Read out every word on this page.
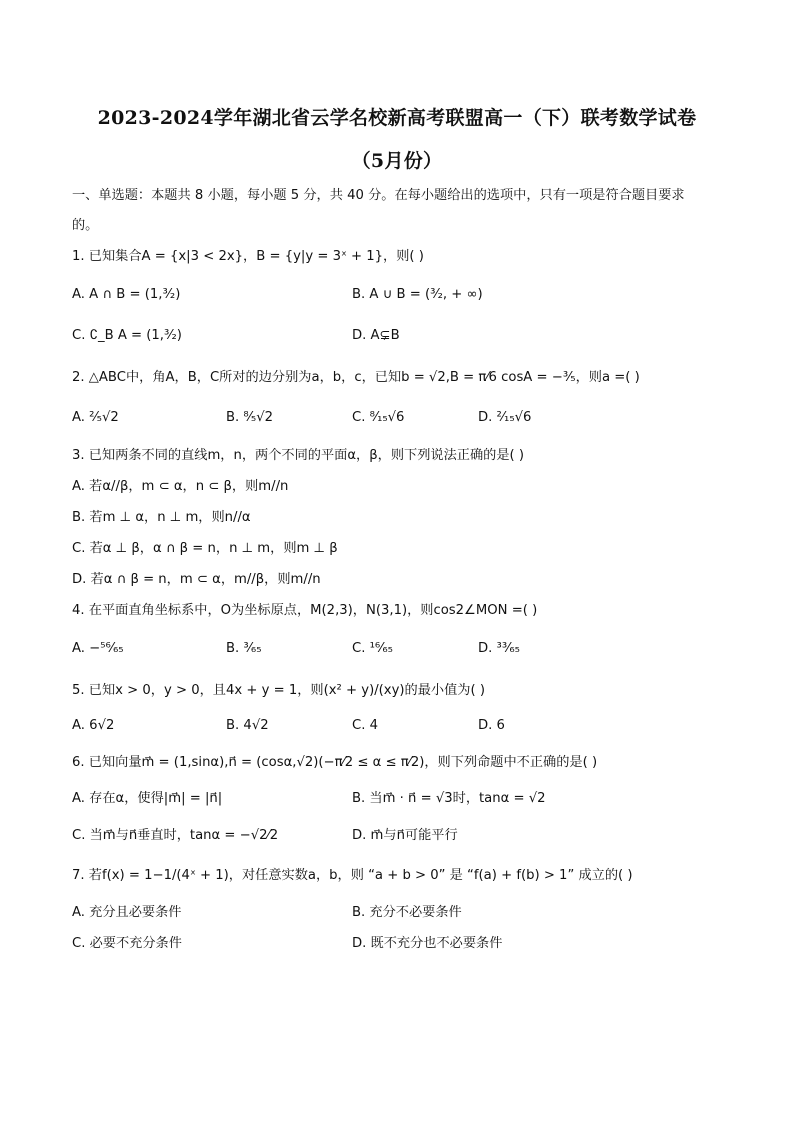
2023-2024学年湖北省云学名校新高考联盟高一（下）联考数学试卷
（5月份）
一、单选题：本题共 8 小题，每小题 5 分，共 40 分。在每小题给出的选项中，只有一项是符合题目要求
的。
1. 已知集合A = {x|3 < 2x}，B = {y|y = 3ˣ + 1}，则( )
A. A ∩ B = (1,³⁄₂)	B. A ∪ B = (³⁄₂, + ∞)
C. ∁_B A = (1,³⁄₂)	D. A⊊B
2. △ABC中，角A，B，C所对的边分别为a，b，c，已知b = √2,B = π⁄6 cosA = −³⁄₅，则a =( )
A. ²⁄₅√2	B. ⁸⁄₅√2	C. ⁸⁄₁₅√6	D. ²⁄₁₅√6
3. 已知两条不同的直线m，n，两个不同的平面α，β，则下列说法正确的是( )
A. 若α//β，m ⊂ α，n ⊂ β，则m//n
B. 若m ⊥ α，n ⊥ m，则n//α
C. 若α ⊥ β，α ∩ β = n，n ⊥ m，则m ⊥ β
D. 若α ∩ β = n，m ⊂ α，m//β，则m//n
4. 在平面直角坐标系中，O为坐标原点，M(2,3)，N(3,1)，则cos2∠MON =( )
A. −⁵⁶⁄₆₅	B. ³⁄₆₅	C. ¹⁶⁄₆₅	D. ³³⁄₆₅
5. 已知x > 0，y > 0，且4x + y = 1，则(x² + y)/(xy)的最小值为( )
A. 6√2	B. 4√2	C. 4	D. 6
6. 已知向量m⃗ = (1,sinα),n⃗ = (cosα,√2)(−π⁄2 ≤ α ≤ π⁄2)，则下列命题中不正确的是( )
A. 存在α，使得|m⃗| = |n⃗|	B. 当m⃗ · n⃗ = √3时，tanα = √2
C. 当m⃗与n⃗垂直时，tanα = −√2⁄2	D. m⃗与n⃗可能平行
7. 若f(x) = 1−1/(4ˣ + 1)，对任意实数a，b，则 “a + b > 0” 是 “f(a) + f(b) > 1” 成立的( )
A. 充分且必要条件	B. 充分不必要条件
C. 必要不充分条件	D. 既不充分也不必要条件
